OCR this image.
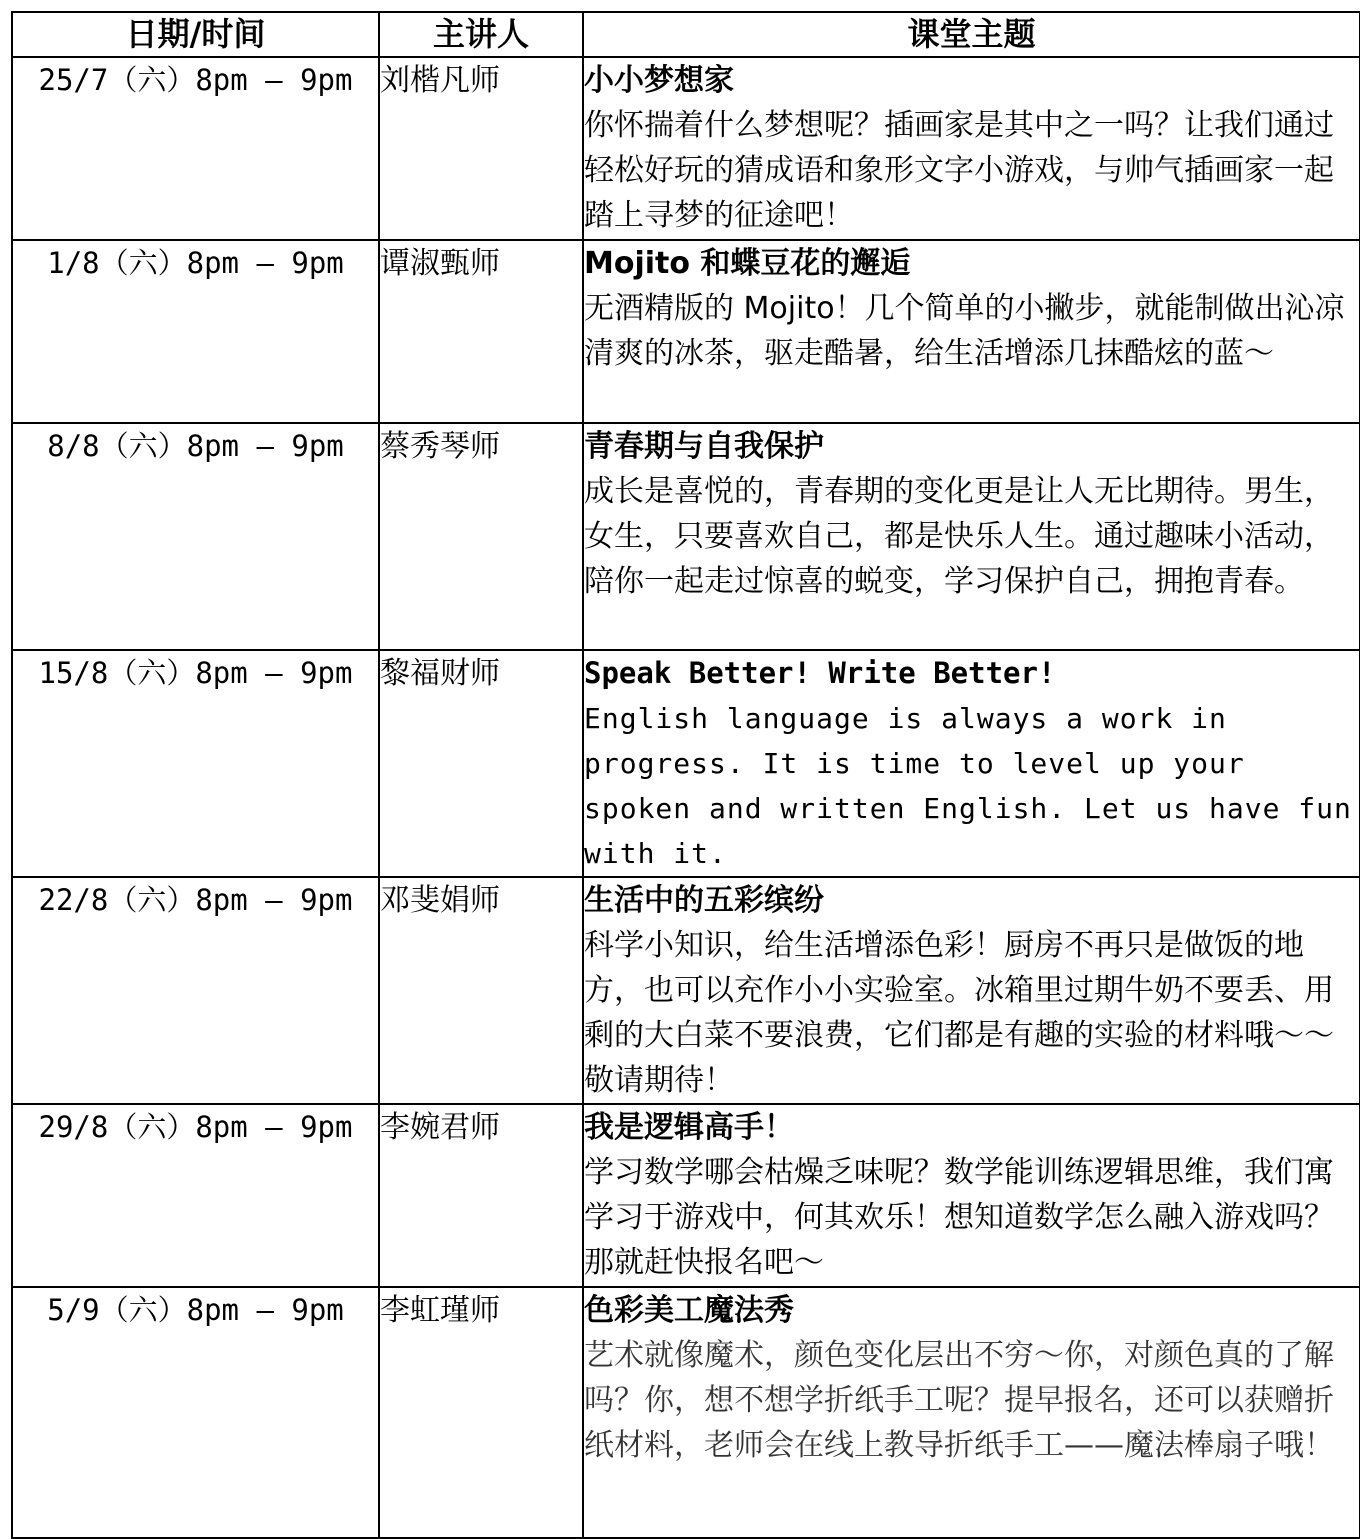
日期/时间	主讲人	课堂主题
25/7（六）8pm – 9pm	刘楷凡师	小小梦想家
你怀揣着什么梦想呢？插画家是其中之一吗？让我们通过轻松好玩的猜成语和象形文字小游戏，与帅气插画家一起踏上寻梦的征途吧！

1/8（六）8pm – 9pm	谭淑甄师	Mojito 和蝶豆花的邂逅
无酒精版的 Mojito！几个简单的小撇步，就能制做出沁凉清爽的冰茶，驱走酷暑，给生活增添几抹酷炫的蓝～

8/8（六）8pm – 9pm	蔡秀琴师	青春期与自我保护
成长是喜悦的，青春期的变化更是让人无比期待。男生，女生，只要喜欢自己，都是快乐人生。通过趣味小活动，陪你一起走过惊喜的蜕变，学习保护自己，拥抱青春。

15/8（六）8pm – 9pm	黎福财师	Speak Better! Write Better!
English language is always a work in progress. It is time to level up your spoken and written English. Let us have fun with it.

22/8（六）8pm – 9pm	邓斐娟师	生活中的五彩缤纷
科学小知识，给生活增添色彩！厨房不再只是做饭的地方，也可以充作小小实验室。冰箱里过期牛奶不要丢、用剩的大白菜不要浪费，它们都是有趣的实验的材料哦～～敬请期待！

29/8（六）8pm – 9pm	李婉君师	我是逻辑高手！
学习数学哪会枯燥乏味呢？数学能训练逻辑思维，我们寓学习于游戏中，何其欢乐！想知道数学怎么融入游戏吗？那就赶快报名吧～

5/9（六）8pm – 9pm	李虹瑾师	色彩美工魔法秀
艺术就像魔术，颜色变化层出不穷～你，对颜色真的了解吗？你，想不想学折纸手工呢？提早报名，还可以获赠折纸材料，老师会在线上教导折纸手工——魔法棒扇子哦！
